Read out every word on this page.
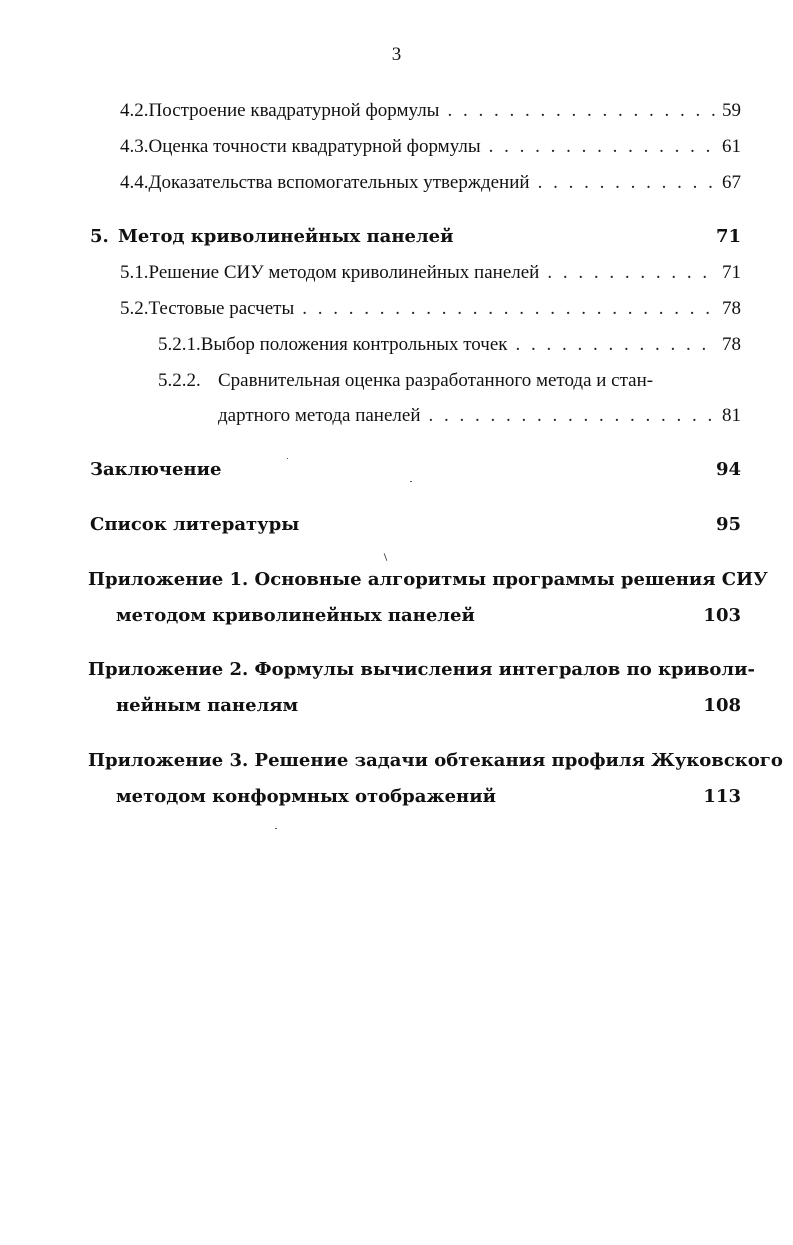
3
4.2. Построение квадратурной формулы . . .	59
4.3. Оценка точности квадратурной формулы . . .	61
4.4. Доказательства вспомогательных утверждений . . .	67
5. Метод криволинейных панелей	71
5.1. Решение СИУ методом криволинейных панелей . . .	71
5.2. Тестовые расчеты . . .	78
5.2.1. Выбор положения контрольных точек . . .	78
5.2.2. Сравнительная оценка разработанного метода и стан-
дартного метода панелей . . .	81
Заключение	94
Список литературы	95
Приложение 1. Основные алгоритмы программы решения СИУ
методом криволинейных панелей	103
Приложение 2. Формулы вычисления интегралов по криволи-
нейным панелям	108
Приложение 3. Решение задачи обтекания профиля Жуковского
методом конформных отображений	113
